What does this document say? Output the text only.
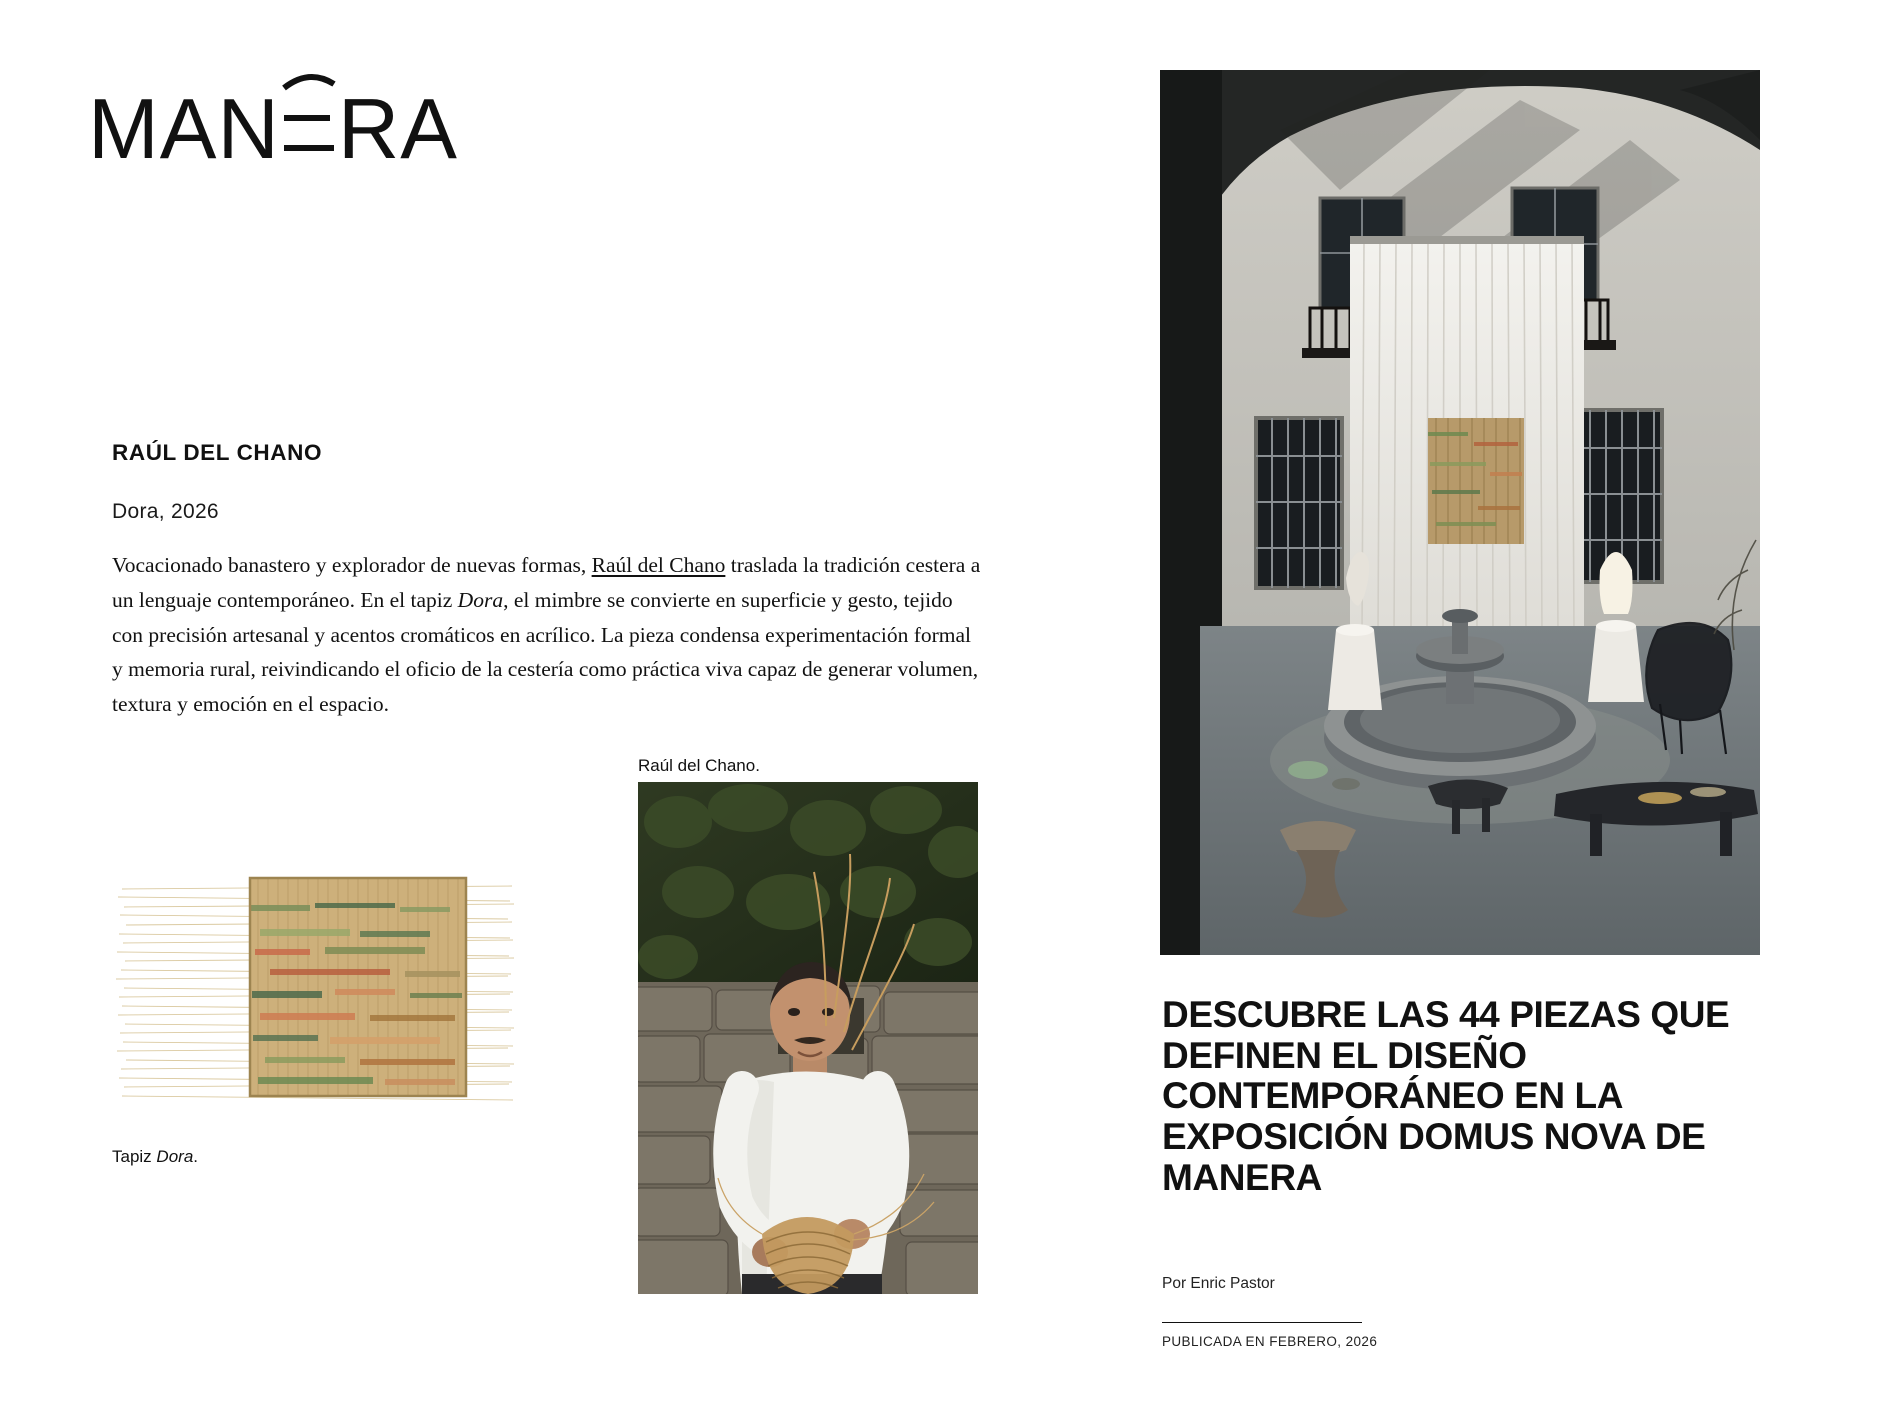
MAN RA
RAÚL DEL CHANO
Dora, 2026
Vocacionado banastero y explorador de nuevas formas, Raúl del Chano traslada la tradición cestera a un lenguaje contemporáneo. En el tapiz Dora, el mimbre se convierte en superficie y gesto, tejido con precisión artesanal y acentos cromáticos en acrílico. La pieza condensa experimentación formal y memoria rural, reivindicando el oficio de la cestería como práctica viva capaz de generar volumen, textura y emoción en el espacio.
Tapiz Dora.
Raúl del Chano.
DESCUBRE LAS 44 PIEZAS QUE DEFINEN EL DISEÑO CONTEMPORÁNEO EN LA EXPOSICIÓN DOMUS NOVA DE MANERA
Por Enric Pastor
PUBLICADA EN FEBRERO, 2026
